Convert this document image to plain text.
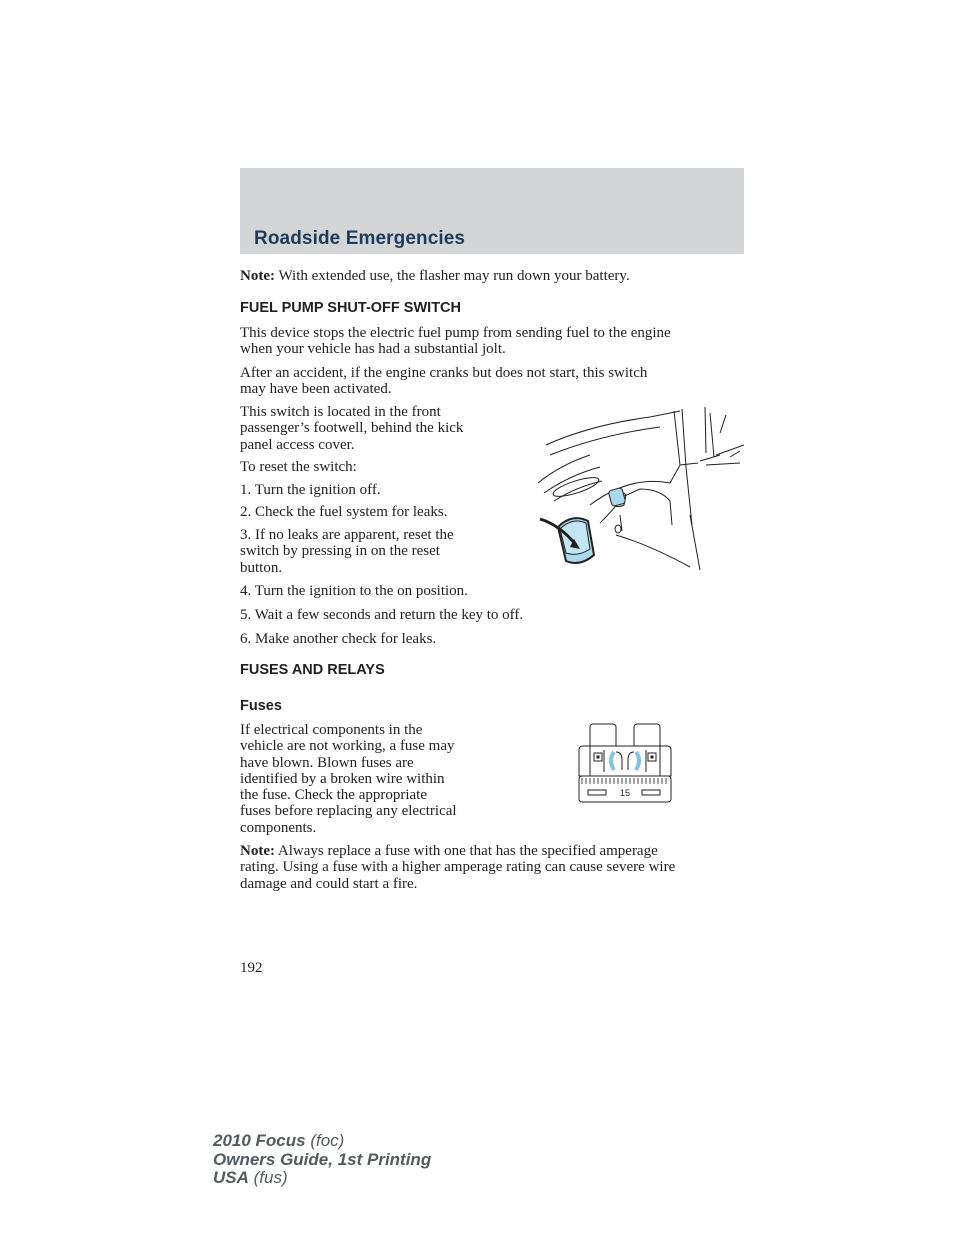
Roadside Emergencies
Note: With extended use, the flasher may run down your battery.
FUEL PUMP SHUT-OFF SWITCH
This device stops the electric fuel pump from sending fuel to the engine
when your vehicle has had a substantial jolt.
After an accident, if the engine cranks but does not start, this switch
may have been activated.
This switch is located in the front
passenger’s footwell, behind the kick
panel access cover.
To reset the switch:
1. Turn the ignition off.
2. Check the fuel system for leaks.
3. If no leaks are apparent, reset the
switch by pressing in on the reset
button.
4. Turn the ignition to the on position.
5. Wait a few seconds and return the key to off.
6. Make another check for leaks.
FUSES AND RELAYS
Fuses
If electrical components in the
vehicle are not working, a fuse may
have blown. Blown fuses are
identified by a broken wire within
the fuse. Check the appropriate
fuses before replacing any electrical
components.
15
Note: Always replace a fuse with one that has the specified amperage
rating. Using a fuse with a higher amperage rating can cause severe wire
damage and could start a fire.
192
2010 Focus (foc)
Owners Guide, 1st Printing
USA (fus)
